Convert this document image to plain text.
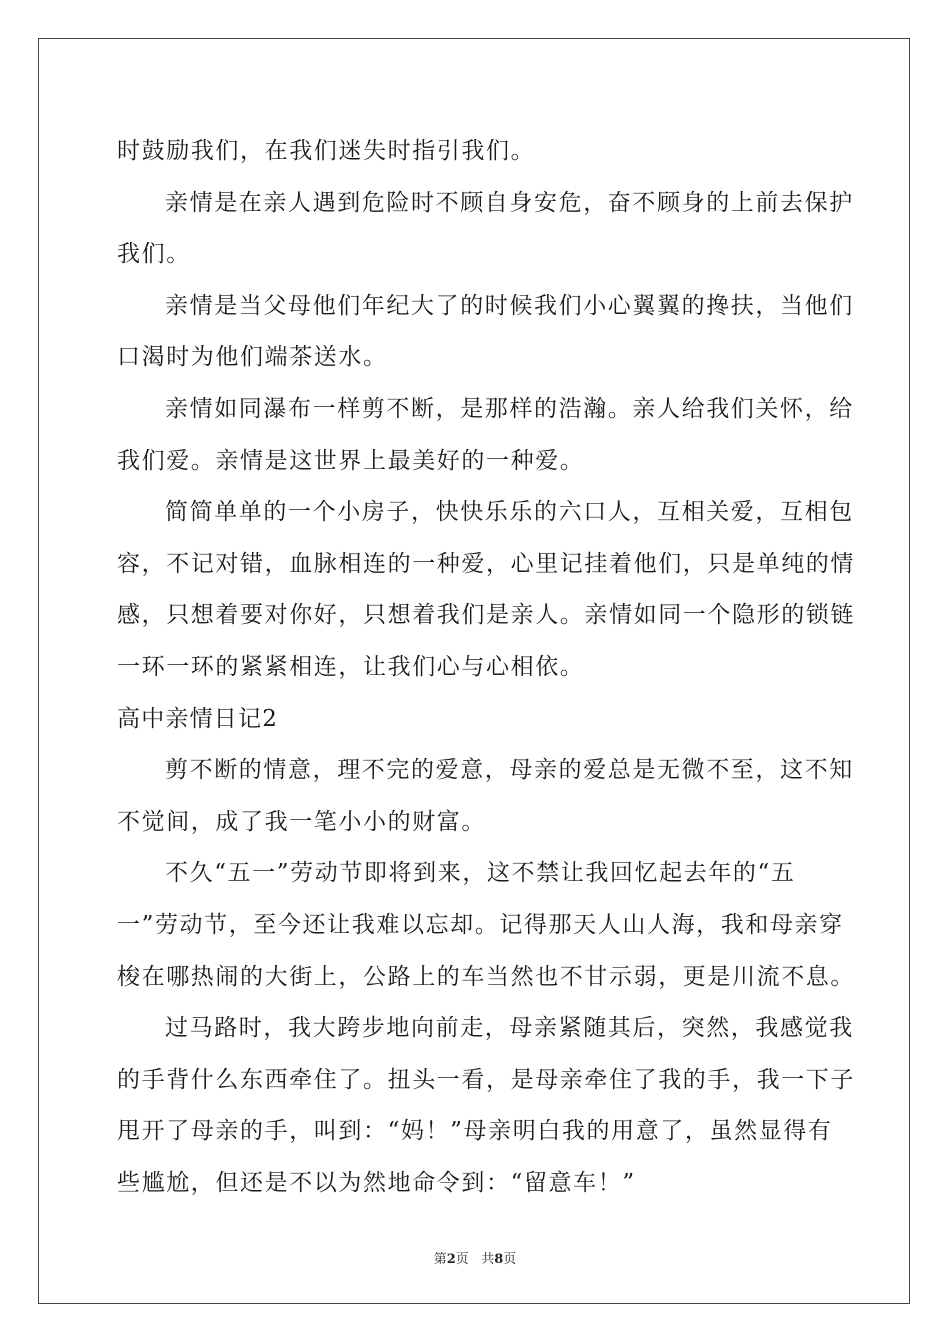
时鼓励我们，在我们迷失时指引我们。
亲情是在亲人遇到危险时不顾自身安危，奋不顾身的上前去保护
我们。
亲情是当父母他们年纪大了的时候我们小心翼翼的搀扶，当他们
口渴时为他们端茶送水。
亲情如同瀑布一样剪不断，是那样的浩瀚。亲人给我们关怀，给
我们爱。亲情是这世界上最美好的一种爱。
简简单单的一个小房子，快快乐乐的六口人，互相关爱，互相包
容，不记对错，血脉相连的一种爱，心里记挂着他们，只是单纯的情
感，只想着要对你好，只想着我们是亲人。亲情如同一个隐形的锁链
一环一环的紧紧相连，让我们心与心相依。
高中亲情日记2
剪不断的情意，理不完的爱意，母亲的爱总是无微不至，这不知
不觉间，成了我一笔小小的财富。
不久“五一”劳动节即将到来，这不禁让我回忆起去年的“五
一”劳动节，至今还让我难以忘却。记得那天人山人海，我和母亲穿
梭在哪热闹的大街上，公路上的车当然也不甘示弱，更是川流不息。
过马路时，我大跨步地向前走，母亲紧随其后，突然，我感觉我
的手背什么东西牵住了。扭头一看，是母亲牵住了我的手，我一下子
甩开了母亲的手，叫到：“妈！”母亲明白我的用意了，虽然显得有
些尴尬，但还是不以为然地命令到：“留意车！”
第2页 共8页
